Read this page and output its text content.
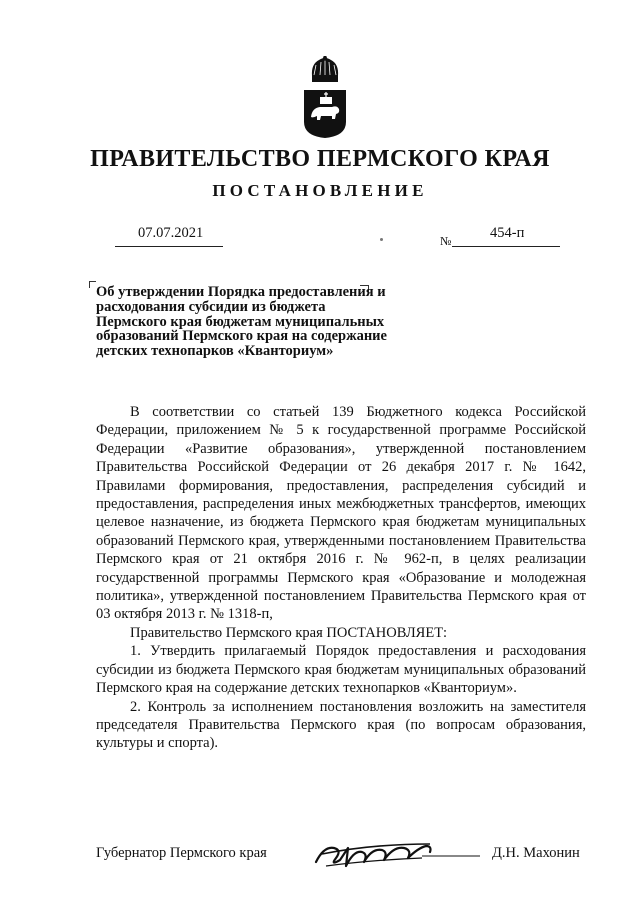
ПРАВИТЕЛЬСТВО ПЕРМСКОГО КРАЯ
ПОСТАНОВЛЕНИЕ
07.07.2021	№	454-п
Об утверждении Порядка предоставления и расходования субсидии из бюджета Пермского края бюджетам муниципальных образований Пермского края на содержание детских технопарков «Кванториум»

В соответствии со статьей 139 Бюджетного кодекса Российской Федерации, приложением № 5 к государственной программе Российской Федерации «Развитие образования», утвержденной постановлением Правительства Российской Федерации от 26 декабря 2017 г. № 1642, Правилами формирования, предоставления, распределения субсидий и предоставления, распределения иных межбюджетных трансфертов, имеющих целевое назначение, из бюджета Пермского края бюджетам муниципальных образований Пермского края, утвержденными постановлением Правительства Пермского края от 21 октября 2016 г. № 962-п, в целях реализации государственной программы Пермского края «Образование и молодежная политика», утвержденной постановлением Правительства Пермского края от 03 октября 2013 г. № 1318-п,

Правительство Пермского края ПОСТАНОВЛЯЕТ:

1. Утвердить прилагаемый Порядок предоставления и расходования субсидии из бюджета Пермского края бюджетам муниципальных образований Пермского края на содержание детских технопарков «Кванториум».

2. Контроль за исполнением постановления возложить на заместителя председателя Правительства Пермского края (по вопросам образования, культуры и спорта).

Губернатор Пермского края	Д.Н. Махонин
